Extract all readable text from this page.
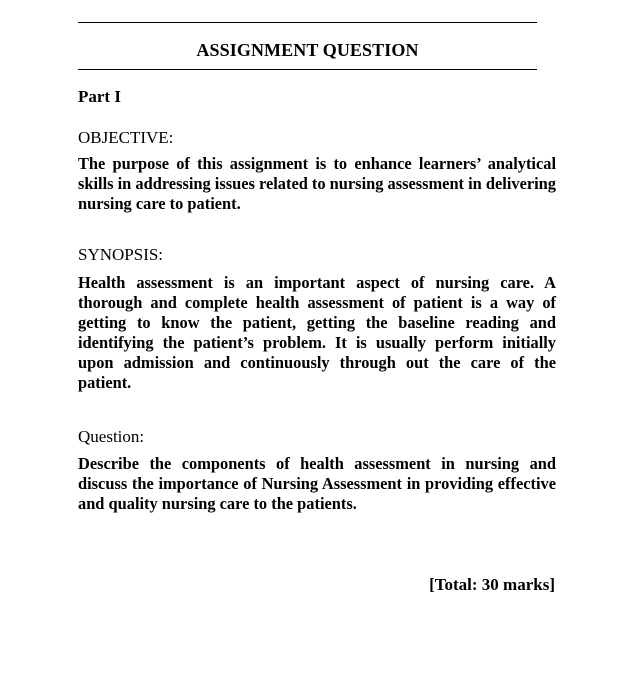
ASSIGNMENT QUESTION
Part I
OBJECTIVE:
The purpose of this assignment is to enhance learners’ analytical skills in addressing issues related to nursing assessment in delivering nursing care to patient.
SYNOPSIS:
Health assessment is an important aspect of nursing care. A thorough and complete health assessment of patient is a way of getting to know the patient, getting the baseline reading and identifying the patient’s problem. It is usually perform initially upon admission and continuously through out the care of the patient.
Question:
Describe the components of health assessment in nursing and discuss the importance of Nursing Assessment in providing effective and quality nursing care to the patients.
[Total: 30 marks]
